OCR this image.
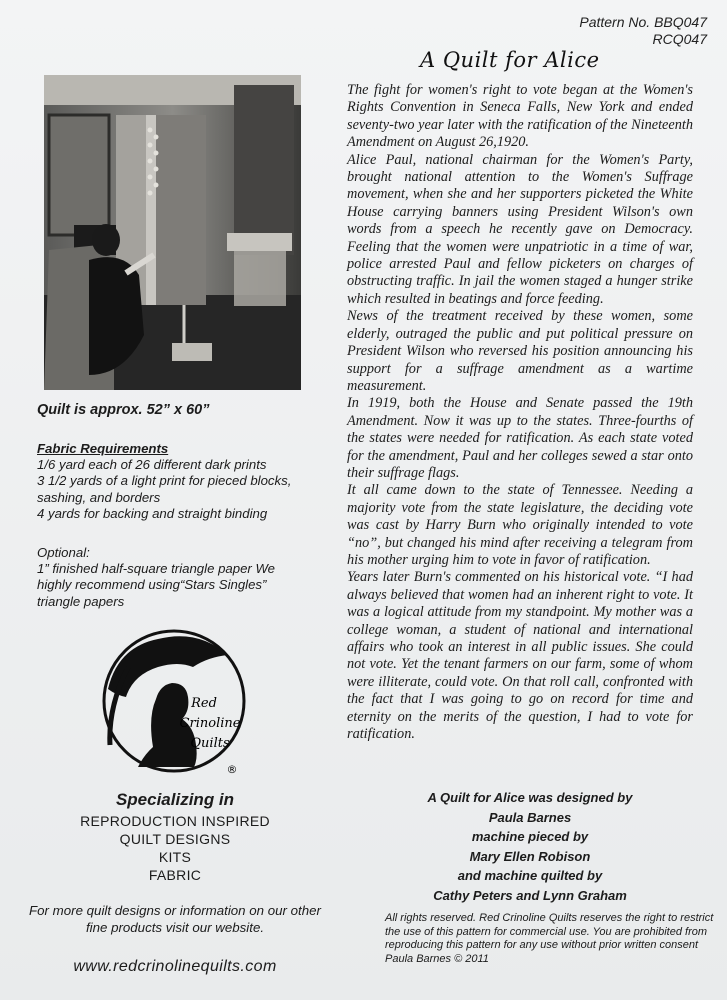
Pattern No. BBQ047
RCQ047
A Quilt for Alice

The fight for women's right to vote began at the Women's Rights Convention in Seneca Falls, New York and ended seventy-two year later with the ratification of the Nineteenth Amendment on August 26,1920.

Alice Paul, national chairman for the Women's Party, brought national attention to the Women's Suffrage movement, when she and her supporters picketed the White House carrying banners using President Wilson's own words from a speech he recently gave on Democracy. Feeling that the women were unpatriotic in a time of war, police arrested Paul and fellow picketers on charges of obstructing traffic. In jail the women staged a hunger strike which resulted in beatings and force feeding.

News of the treatment received by these women, some elderly, outraged the public and put political pressure on President Wilson who reversed his position announcing his support for a suffrage amendment as a wartime measurement.

In 1919, both the House and Senate passed the 19th Amendment. Now it was up to the states. Three-fourths of the states were needed for ratification. As each state voted for the amendment, Paul and her colleges sewed a star onto their suffrage flags.

It all came down to the state of Tennessee. Needing a majority vote from the state legislature, the deciding vote was cast by Harry Burn who originally intended to vote “no”, but changed his mind after receiving a telegram from his mother urging him to vote in favor of ratification.

Years later Burn's commented on his historical vote. “I had always believed that women had an inherent right to vote. It was a logical attitude from my standpoint. My mother was a college woman, a student of national and international affairs who took an interest in all public issues. She could not vote. Yet the tenant farmers on our farm, some of whom were illiterate, could vote. On that roll call, confronted with the fact that I was going to go on record for time and eternity on the merits of the question, I had to vote for ratification.

A Quilt for Alice was designed by
Paula Barnes
machine pieced by
Mary Ellen Robison
and machine quilted by
Cathy Peters and Lynn Graham
All rights reserved. Red Crinoline Quilts reserves the right to restrict the use of this pattern for commercial use. You are prohibited from reproducing this pattern for any use without prior written consent
Paula Barnes © 2011
Quilt is approx. 52” x 60”
Fabric Requirements
1/6 yard each of 26 different dark prints
3 1/2 yards of a light print for pieced blocks, sashing, and borders
4 yards for backing and straight binding
Optional:
1” finished half-square triangle paper We highly recommend using“Stars Singles” triangle papers
Red
Crinoline
Quilts
®
Specializing in
REPRODUCTION INSPIRED
QUILT DESIGNS
KITS
FABRIC
For more quilt designs or information on our other fine products visit our website.
www.redcrinolinequilts.com
